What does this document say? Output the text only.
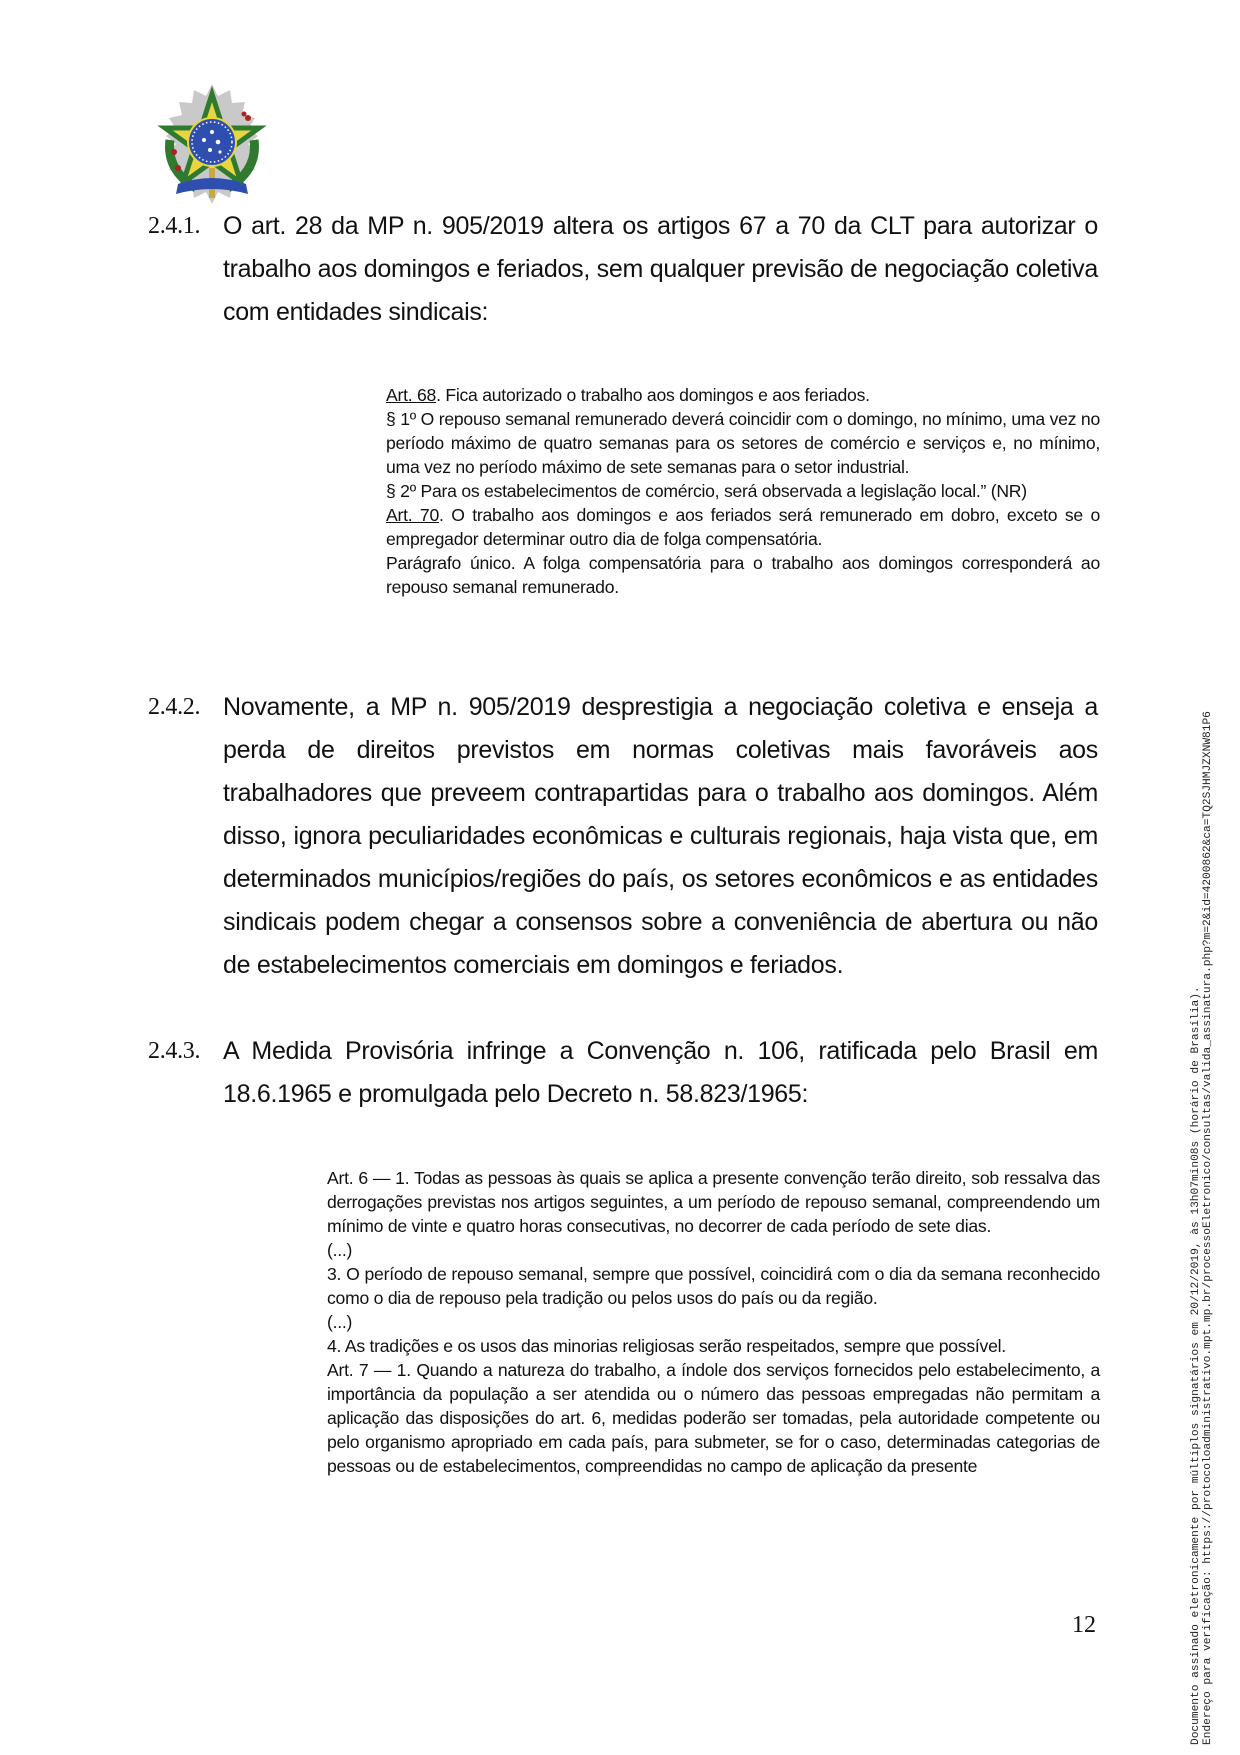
2.4.1. O art. 28 da MP n. 905/2019 altera os artigos 67 a 70 da CLT para autorizar o trabalho aos domingos e feriados, sem qualquer previsão de negociação coletiva com entidades sindicais:

Art. 68. Fica autorizado o trabalho aos domingos e aos feriados.

§ 1º O repouso semanal remunerado deverá coincidir com o domingo, no mínimo, uma vez no período máximo de quatro semanas para os setores de comércio e serviços e, no mínimo, uma vez no período máximo de sete semanas para o setor industrial.

§ 2º Para os estabelecimentos de comércio, será observada a legislação local.” (NR)

Art. 70. O trabalho aos domingos e aos feriados será remunerado em dobro, exceto se o empregador determinar outro dia de folga compensatória.

Parágrafo único. A folga compensatória para o trabalho aos domingos corresponderá ao repouso semanal remunerado.

2.4.2. Novamente, a MP n. 905/2019 desprestigia a negociação coletiva e enseja a perda de direitos previstos em normas coletivas mais favoráveis aos trabalhadores que preveem contrapartidas para o trabalho aos domingos. Além disso, ignora peculiaridades econômicas e culturais regionais, haja vista que, em determinados municípios/regiões do país, os setores econômicos e as entidades sindicais podem chegar a consensos sobre a conveniência de abertura ou não de estabelecimentos comerciais em domingos e feriados.
2.4.3. A Medida Provisória infringe a Convenção n. 106, ratificada pelo Brasil em 18.6.1965 e promulgada pelo Decreto n. 58.823/1965:

Art. 6 — 1. Todas as pessoas às quais se aplica a presente convenção terão direito, sob ressalva das derrogações previstas nos artigos seguintes, a um período de repouso semanal, compreendendo um mínimo de vinte e quatro horas consecutivas, no decorrer de cada período de sete dias.

(...)

3. O período de repouso semanal, sempre que possível, coincidirá com o dia da semana reconhecido como o dia de repouso pela tradição ou pelos usos do país ou da região.

(...)

4. As tradições e os usos das minorias religiosas serão respeitados, sempre que possível.

Art. 7 — 1. Quando a natureza do trabalho, a índole dos serviços fornecidos pelo estabelecimento, a importância da população a ser atendida ou o número das pessoas empregadas não permitam a aplicação das disposições do art. 6, medidas poderão ser tomadas, pela autoridade competente ou pelo organismo apropriado em cada país, para submeter, se for o caso, determinadas categorias de pessoas ou de estabelecimentos, compreendidas no campo de aplicação da presente

12	Documento assinado eletronicamente por múltiplos signatários em 20/12/2019, às 13h07min08s (horário de Brasília). Endereço para verificação: https://protocoloadministrativo.mpt.mp.br/processoEletronico/consultas/valida_assinatura.php?m=2&id=4200862&ca=TQ2SJHMJZXNW81P6
